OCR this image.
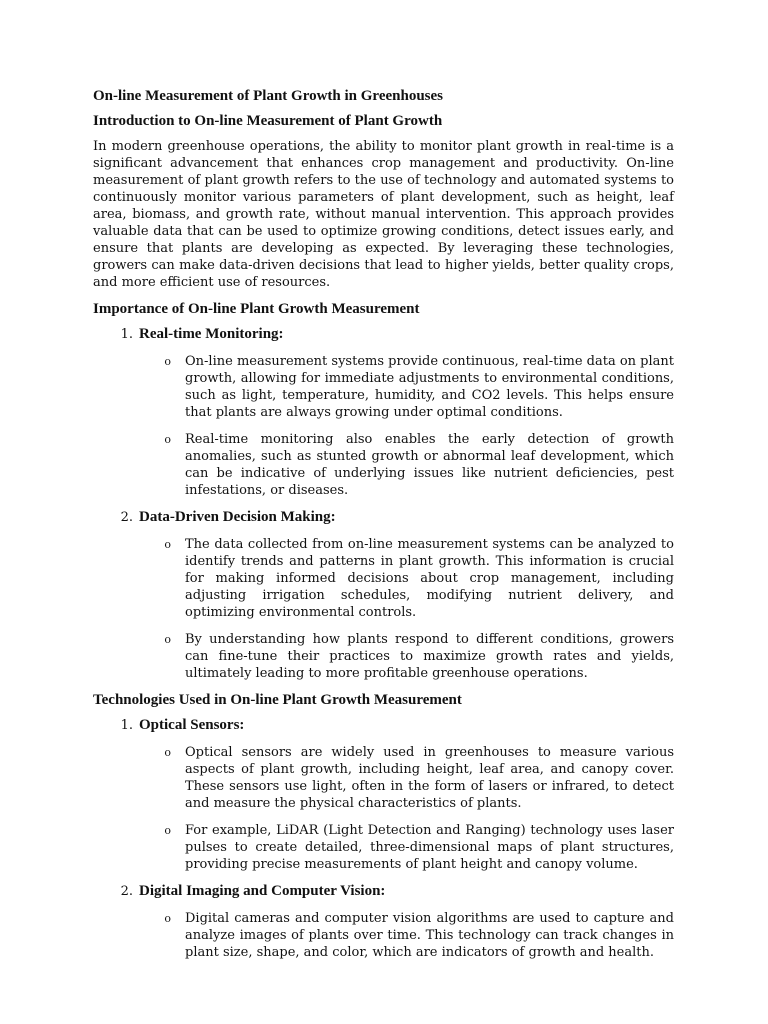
On-line Measurement of Plant Growth in Greenhouses
Introduction to On-line Measurement of Plant Growth

In modern greenhouse operations, the ability to monitor plant growth in real-time is a significant advancement that enhances crop management and productivity. On-line measurement of plant growth refers to the use of technology and automated systems to continuously monitor various parameters of plant development, such as height, leaf area, biomass, and growth rate, without manual intervention. This approach provides valuable data that can be used to optimize growing conditions, detect issues early, and ensure that plants are developing as expected. By leveraging these technologies, growers can make data-driven decisions that lead to higher yields, better quality crops, and more efficient use of resources.

Importance of On-line Plant Growth Measurement
1. Real-time Monitoring:
o	On-line measurement systems provide continuous, real-time data on plant growth, allowing for immediate adjustments to environmental conditions, such as light, temperature, humidity, and CO2 levels. This helps ensure that plants are always growing under optimal conditions.
o	Real-time monitoring also enables the early detection of growth anomalies, such as stunted growth or abnormal leaf development, which can be indicative of underlying issues like nutrient deficiencies, pest infestations, or diseases.
2. Data-Driven Decision Making:
o	The data collected from on-line measurement systems can be analyzed to identify trends and patterns in plant growth. This information is crucial for making informed decisions about crop management, including adjusting irrigation schedules, modifying nutrient delivery, and optimizing environmental controls.
o	By understanding how plants respond to different conditions, growers can fine-tune their practices to maximize growth rates and yields, ultimately leading to more profitable greenhouse operations.
Technologies Used in On-line Plant Growth Measurement
1. Optical Sensors:
o	Optical sensors are widely used in greenhouses to measure various aspects of plant growth, including height, leaf area, and canopy cover. These sensors use light, often in the form of lasers or infrared, to detect and measure the physical characteristics of plants.
o	For example, LiDAR (Light Detection and Ranging) technology uses laser pulses to create detailed, three-dimensional maps of plant structures, providing precise measurements of plant height and canopy volume.
2. Digital Imaging and Computer Vision:
o	Digital cameras and computer vision algorithms are used to capture and analyze images of plants over time. This technology can track changes in plant size, shape, and color, which are indicators of growth and health.
